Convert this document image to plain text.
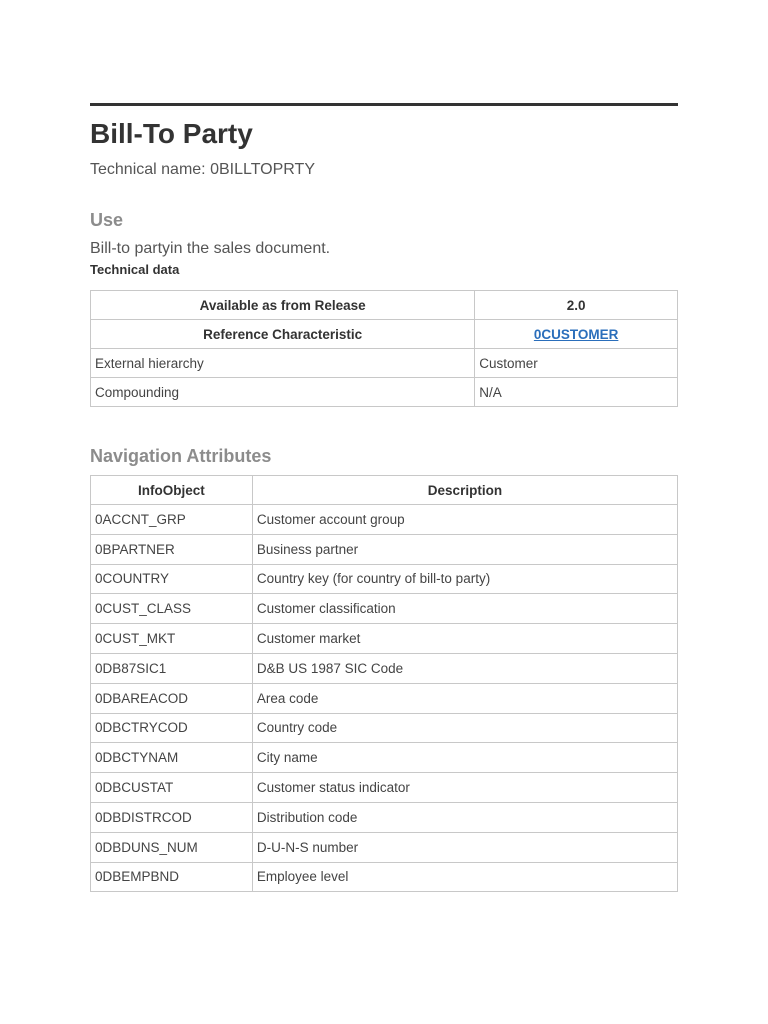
Bill-To Party
Technical name: 0BILLTOPRTY
Use
Bill-to partyin the sales document.
Technical data
Available as from Release	2.0
Reference Characteristic	0CUSTOMER
External hierarchy	Customer
Compounding	N/A
Navigation Attributes
InfoObject	Description
0ACCNT_GRP	Customer account group
0BPARTNER	Business partner
0COUNTRY	Country key (for country of bill-to party)
0CUST_CLASS	Customer classification
0CUST_MKT	Customer market
0DB87SIC1	D&B US 1987 SIC Code
0DBAREACOD	Area code
0DBCTRYCOD	Country code
0DBCTYNAM	City name
0DBCUSTAT	Customer status indicator
0DBDISTRCOD	Distribution code
0DBDUNS_NUM	D-U-N-S number
0DBEMPBND	Employee level
